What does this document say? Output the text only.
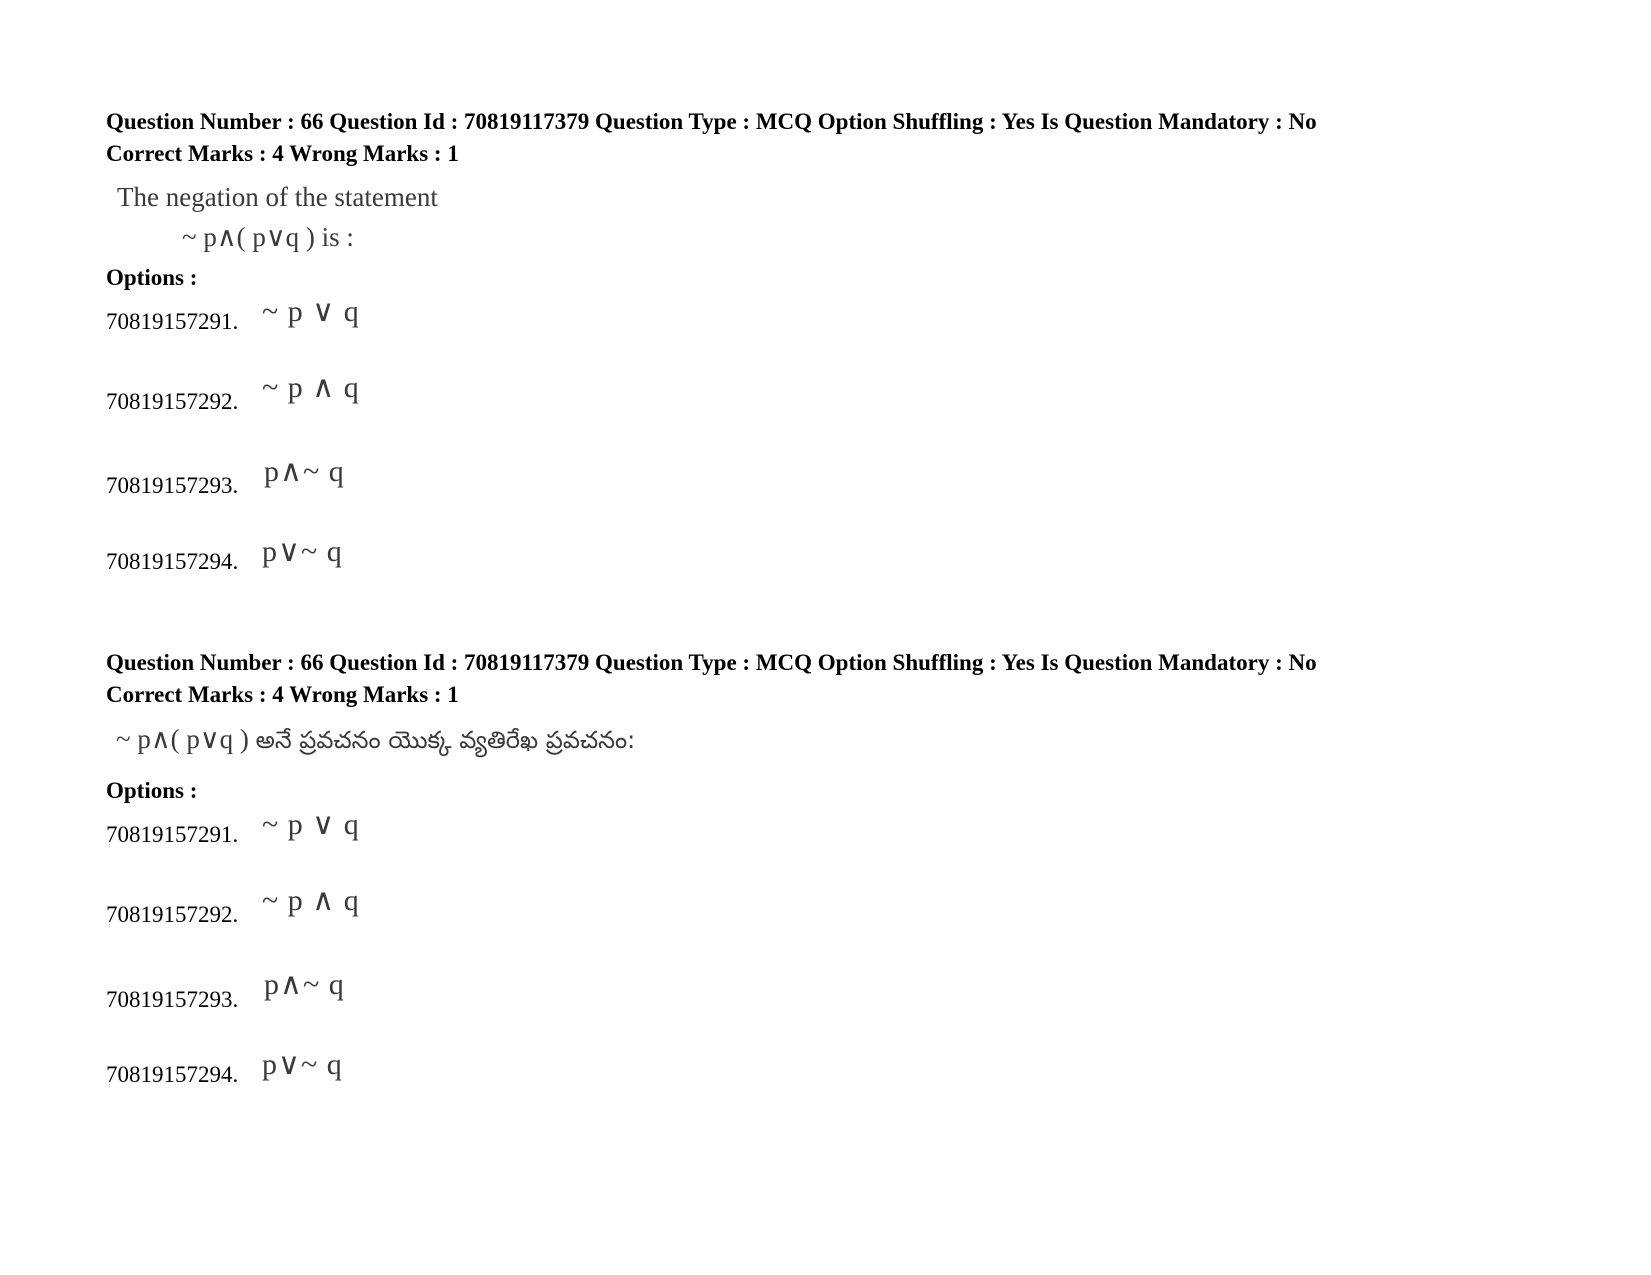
Question Number : 66 Question Id : 70819117379 Question Type : MCQ Option Shuffling : Yes Is Question Mandatory : No
Correct Marks : 4 Wrong Marks : 1
The negation of the statement
~ p∧( p∨q ) is :
Options :
70819157291. ~ p ∨ q
70819157292. ~ p ∧ q
70819157293. p∧~ q
70819157294. p∨~ q
Question Number : 66 Question Id : 70819117379 Question Type : MCQ Option Shuffling : Yes Is Question Mandatory : No
Correct Marks : 4 Wrong Marks : 1
~ p∧( p∨q ) అనే ప్రవచనం యొక్క వ్యతిరేఖ ప్రవచనం:
Options :
70819157291. ~ p ∨ q
70819157292. ~ p ∧ q
70819157293. p∧~ q
70819157294. p∨~ q
